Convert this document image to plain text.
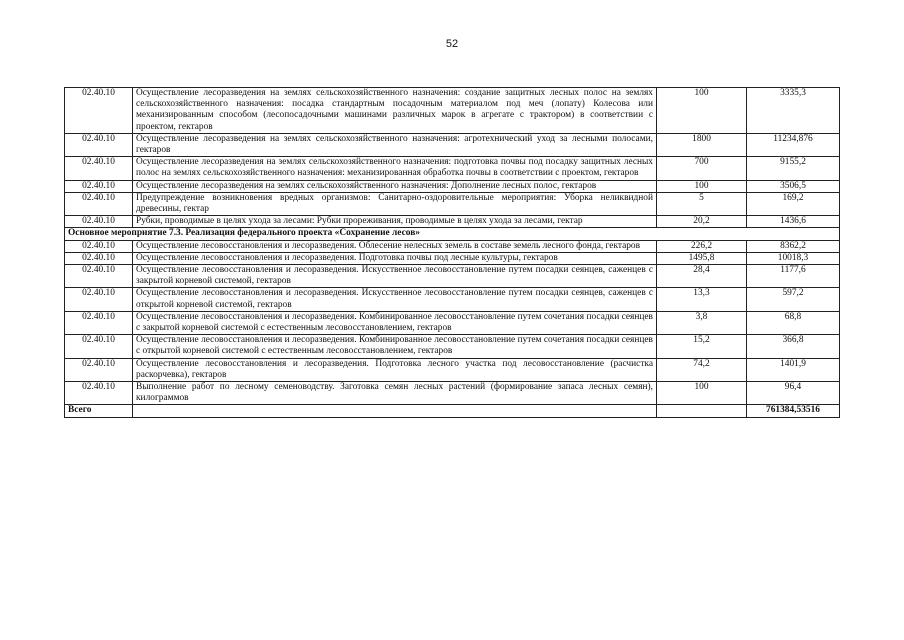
52
02.40.10	Осуществление лесоразведения на землях сельскохозяйственного назначения: создание защитных лесных полос на землях сельскохозяйственного назначения: посадка стандартным посадочным материалом под меч (лопату) Колесова или механизированным способом (лесопосадочными машинами различных марок в агрегате с трактором) в соответствии с проектом, гектаров	100	3335,3
02.40.10	Осуществление лесоразведения на землях сельскохозяйственного назначения: агротехнический уход за лесными полосами, гектаров	1800	11234,876
02.40.10	Осуществление лесоразведения на землях сельскохозяйственного назначения: подготовка почвы под посадку защитных лесных полос на землях сельскохозяйственного назначения: механизированная обработка почвы в соответствии с проектом, гектаров	700	9155,2
02.40.10	Осуществление лесоразведения на землях сельскохозяйственного назначения: Дополнение лесных полос, гектаров	100	3506,5
02.40.10	Предупреждение возникновения вредных организмов: Санитарно-оздоровительные мероприятия: Уборка неликвидной древесины, гектар	5	169,2
02.40.10	Рубки, проводимые в целях ухода за лесами: Рубки прореживания, проводимые в целях ухода за лесами, гектар	20,2	1436,6
Основное мероприятие 7.3. Реализация федерального проекта «Сохранение лесов»			
02.40.10	Осуществление лесовосстановления и лесоразведения. Облесение нелесных земель в составе земель лесного фонда, гектаров	226,2	8362,2
02.40.10	Осуществление лесовосстановления и лесоразведения. Подготовка почвы под лесные культуры, гектаров	1495,8	10018,3
02.40.10	Осуществление лесовосстановления и лесоразведения. Искусственное лесовосстановление путем посадки сеянцев, саженцев с закрытой корневой системой, гектаров	28,4	1177,6
02.40.10	Осуществление лесовосстановления и лесоразведения. Искусственное лесовосстановление путем посадки сеянцев, саженцев с открытой корневой системой, гектаров	13,3	597,2
02.40.10	Осуществление лесовосстановления и лесоразведения. Комбинированное лесовосстановление путем сочетания посадки сеянцев с закрытой корневой системой с естественным лесовосстановлением, гектаров	3,8	68,8
02.40.10	Осуществление лесовосстановления и лесоразведения. Комбинированное лесовосстановление путем сочетания посадки сеянцев с открытой корневой системой с естественным лесовосстановлением, гектаров	15,2	366,8
02.40.10	Осуществление лесовосстановления и лесоразведения. Подготовка лесного участка под лесовосстановление (расчистка раскорчевка), гектаров	74,2	1401,9
02.40.10	Выполнение работ по лесному семеноводству. Заготовка семян лесных растений (формирование запаса лесных семян), килограммов	100	96,4
Всего			761384,53516
